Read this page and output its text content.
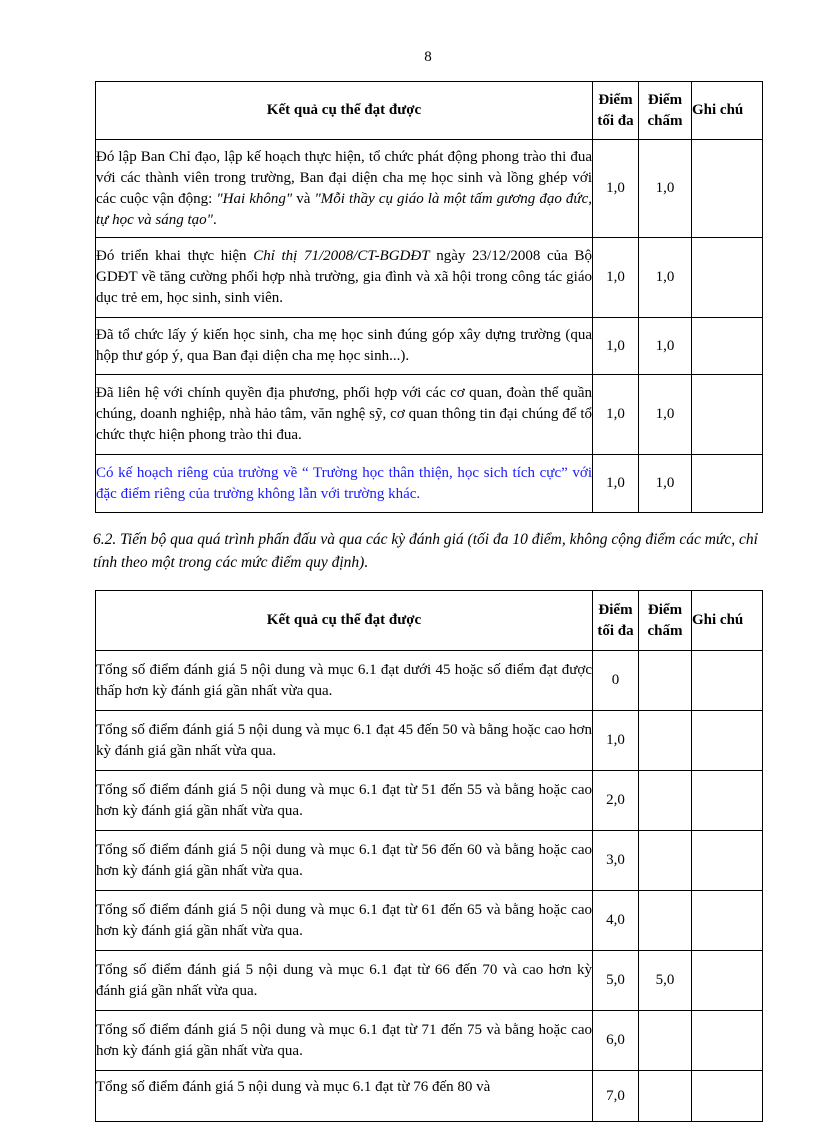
8
Kết quả cụ thể đạt được	Điểm tối đa	Điểm chấm	Ghi chú
Đó lập Ban Chỉ đạo, lập kế hoạch thực hiện, tổ chức phát động phong trào thi đua với các thành viên trong trường, Ban đại diện cha mẹ học sinh và lồng ghép với các cuộc vận động: "Hai không" và "Mỗi thầy cụ giáo là một tấm gương đạo đức, tự học và sáng tạo".	1,0	1,0	
Đó triển khai thực hiện Chỉ thị 71/2008/CT-BGDĐT ngày 23/12/2008 của Bộ GDĐT về tăng cường phối hợp nhà trường, gia đình và xã hội trong công tác giáo dục trẻ em, học sinh, sinh viên.	1,0	1,0	
Đã tổ chức lấy ý kiến học sinh, cha mẹ học sinh đúng góp xây dựng trường (qua hộp thư góp ý, qua Ban đại diện cha mẹ học sinh...).	1,0	1,0	
Đã liên hệ với chính quyền địa phương, phối hợp với các cơ quan, đoàn thể quần chúng, doanh nghiệp, nhà hảo tâm, văn nghệ sỹ, cơ quan thông tin đại chúng để tổ chức thực hiện phong trào thi đua.	1,0	1,0	
Có kế hoạch riêng của trường về “ Trường học thân thiện, học sich tích cực” với đặc điểm riêng của trường không lẫn với trường khác.	1,0	1,0	
6.2. Tiến bộ qua quá trình phấn đấu và qua các kỳ đánh giá (tối đa 10 điểm, không cộng điểm các mức, chỉ tính theo một trong các mức điểm quy định).
Kết quả cụ thể đạt được	Điểm tối đa	Điểm chấm	Ghi chú
Tổng số điểm đánh giá 5 nội dung và mục 6.1 đạt dưới 45 hoặc số điểm đạt được thấp hơn kỳ đánh giá gần nhất vừa qua.	0		
Tổng số điểm đánh giá 5 nội dung và mục 6.1 đạt 45 đến 50 và bằng hoặc cao hơn kỳ đánh giá gần nhất vừa qua.	1,0		
Tổng số điểm đánh giá 5 nội dung và mục 6.1 đạt từ 51 đến 55 và bằng hoặc cao hơn kỳ đánh giá gần nhất vừa qua.	2,0		
Tổng số điểm đánh giá 5 nội dung và mục 6.1 đạt từ 56 đến 60 và bằng hoặc cao hơn kỳ đánh giá gần nhất vừa qua.	3,0		
Tổng số điểm đánh giá 5 nội dung và mục 6.1 đạt từ 61 đến 65 và bằng hoặc cao hơn kỳ đánh giá gần nhất vừa qua.	4,0		
Tổng số điểm đánh giá 5 nội dung và mục 6.1 đạt từ 66 đến 70 và cao hơn kỳ đánh giá gần nhất vừa qua.	5,0	5,0	
Tổng số điểm đánh giá 5 nội dung và mục 6.1 đạt từ 71 đến 75 và bằng hoặc cao hơn kỳ đánh giá gần nhất vừa qua.	6,0		
Tổng số điểm đánh giá 5 nội dung và mục 6.1 đạt từ 76 đến 80 và	7,0		
